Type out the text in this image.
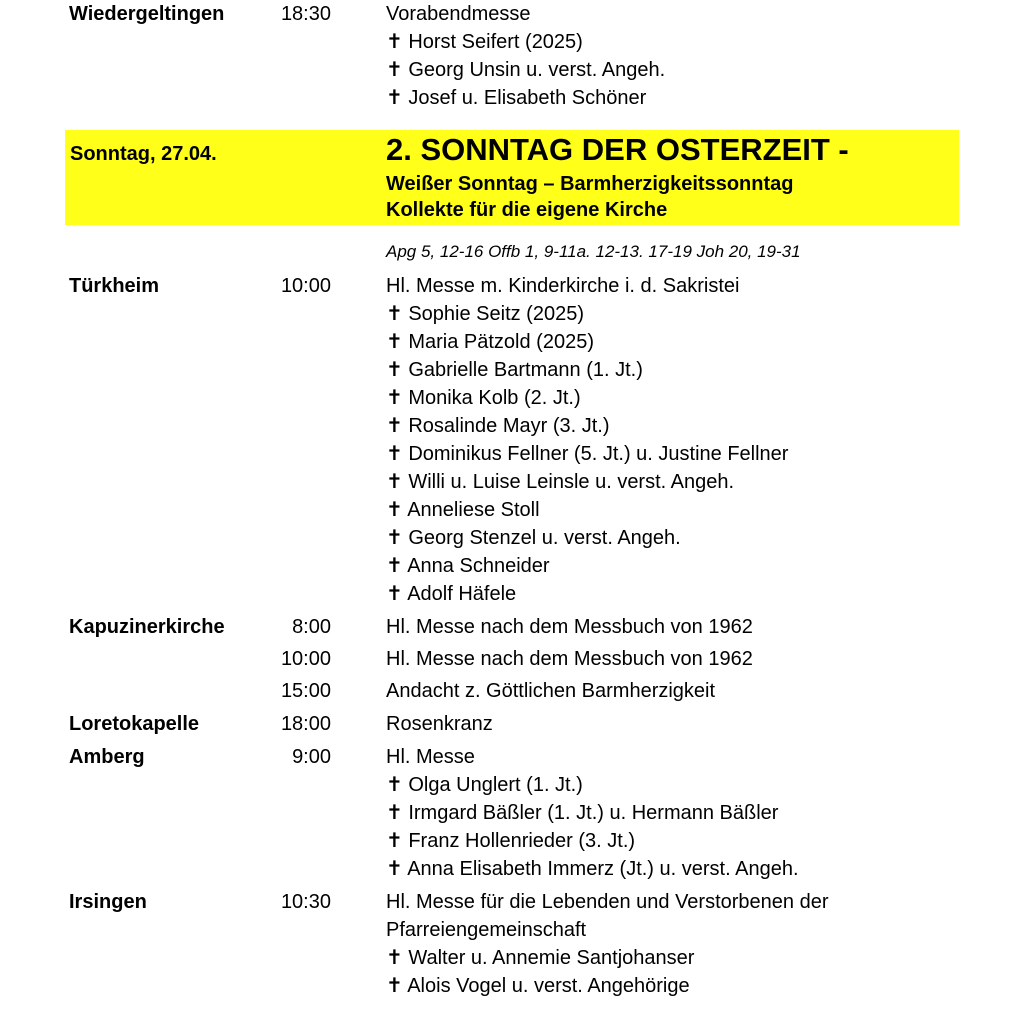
Wiedergeltingen	18:30	Vorabendmesse
✝ Horst Seifert (2025)
✝ Georg Unsin u. verst. Angeh.
✝ Josef u. Elisabeth Schöner
Sonntag, 27.04.	2. SONNTAG DER OSTERZEIT -
Weißer Sonntag – Barmherzigkeitssonntag
Kollekte für die eigene Kirche
Apg 5, 12-16 Offb 1, 9-11a. 12-13. 17-19 Joh 20, 19-31
Türkheim	10:00	Hl. Messe m. Kinderkirche i. d. Sakristei
✝ Sophie Seitz (2025)
✝ Maria Pätzold (2025)
✝ Gabrielle Bartmann (1. Jt.)
✝ Monika Kolb (2. Jt.)
✝ Rosalinde Mayr (3. Jt.)
✝ Dominikus Fellner (5. Jt.) u. Justine Fellner
✝ Willi u. Luise Leinsle u. verst. Angeh.
✝ Anneliese Stoll
✝ Georg Stenzel u. verst. Angeh.
✝ Anna Schneider
✝ Adolf Häfele
Kapuzinerkirche	8:00	Hl. Messe nach dem Messbuch von 1962
10:00	Hl. Messe nach dem Messbuch von 1962
15:00	Andacht z. Göttlichen Barmherzigkeit
Loretokapelle	18:00	Rosenkranz
Amberg	9:00	Hl. Messe
✝ Olga Unglert (1. Jt.)
✝ Irmgard Bäßler (1. Jt.) u. Hermann Bäßler
✝ Franz Hollenrieder (3. Jt.)
✝ Anna Elisabeth Immerz (Jt.) u. verst. Angeh.
Irsingen	10:30	Hl. Messe für die Lebenden und Verstorbenen der
Pfarreiengemeinschaft
✝ Walter u. Annemie Santjohanser
✝ Alois Vogel u. verst. Angehörige
